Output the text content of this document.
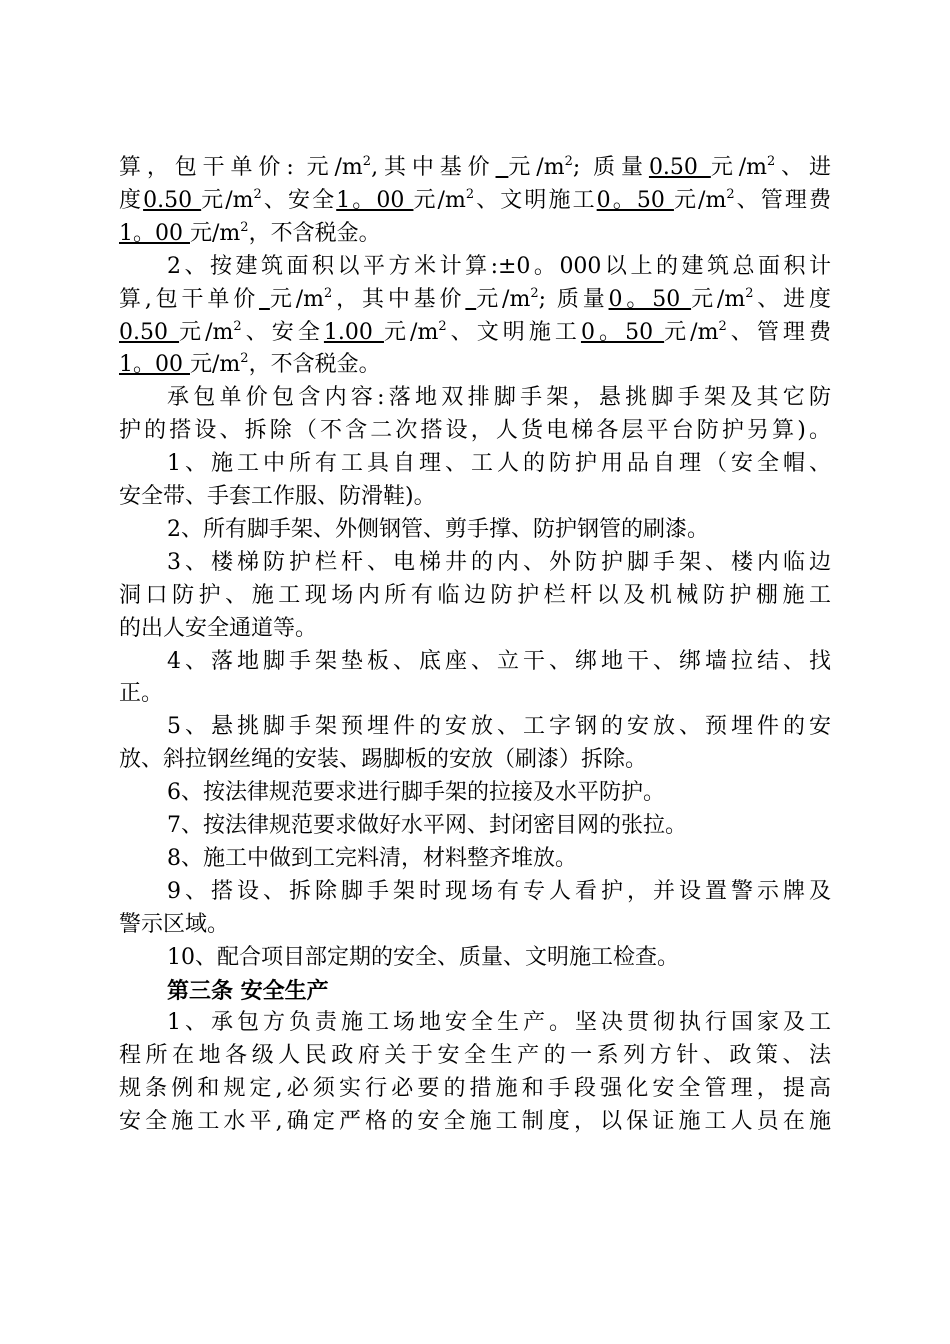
算，包干单价: 元$/m^2$,其中基价 元$/m^2$; 质量0.50 元$/m^2$、进
度0.50 元$/m^2$、安全1。00 元$/m^2$、文明施工0。50 元$/m^2$、管理费
1。00 元$/m^2$，不含税金。
2、按建筑面积以平方米计算:±0。000以上的建筑总面积计
算,包干单价 元$/m^2$，其中基价 元$/m^2$; 质量0。50 元$/m^2$、进度
0.50 元$/m^2$、安全1.00 元$/m^2$、文明施工0。50 元$/m^2$、管理费
1。00 元$/m^2$，不含税金。
承包单价包含内容:落地双排脚手架，悬挑脚手架及其它防
护的搭设、拆除（不含二次搭设，人货电梯各层平台防护另算)。
1、施工中所有工具自理、工人的防护用品自理（安全帽、
安全带、手套工作服、防滑鞋)。
2、所有脚手架、外侧钢管、剪手撑、防护钢管的刷漆。
3、楼梯防护栏杆、电梯井的内、外防护脚手架、楼内临边
洞口防护、施工现场内所有临边防护栏杆以及机械防护棚施工
的出人安全通道等。
4、落地脚手架垫板、底座、立干、绑地干、绑墙拉结、找
正。
5、悬挑脚手架预埋件的安放、工字钢的安放、预埋件的安
放、斜拉钢丝绳的安装、踢脚板的安放（刷漆）拆除。
6、按法律规范要求进行脚手架的拉接及水平防护。
7、按法律规范要求做好水平网、封闭密目网的张拉。
8、施工中做到工完料清，材料整齐堆放。
9、搭设、拆除脚手架时现场有专人看护，并设置警示牌及
警示区域。
10、配合项目部定期的安全、质量、文明施工检查。
第三条 安全生产
1、承包方负责施工场地安全生产。坚决贯彻执行国家及工
程所在地各级人民政府关于安全生产的一系列方针、政策、法
规条例和规定,必须实行必要的措施和手段强化安全管理，提高
安全施工水平,确定严格的安全施工制度，以保证施工人员在施
